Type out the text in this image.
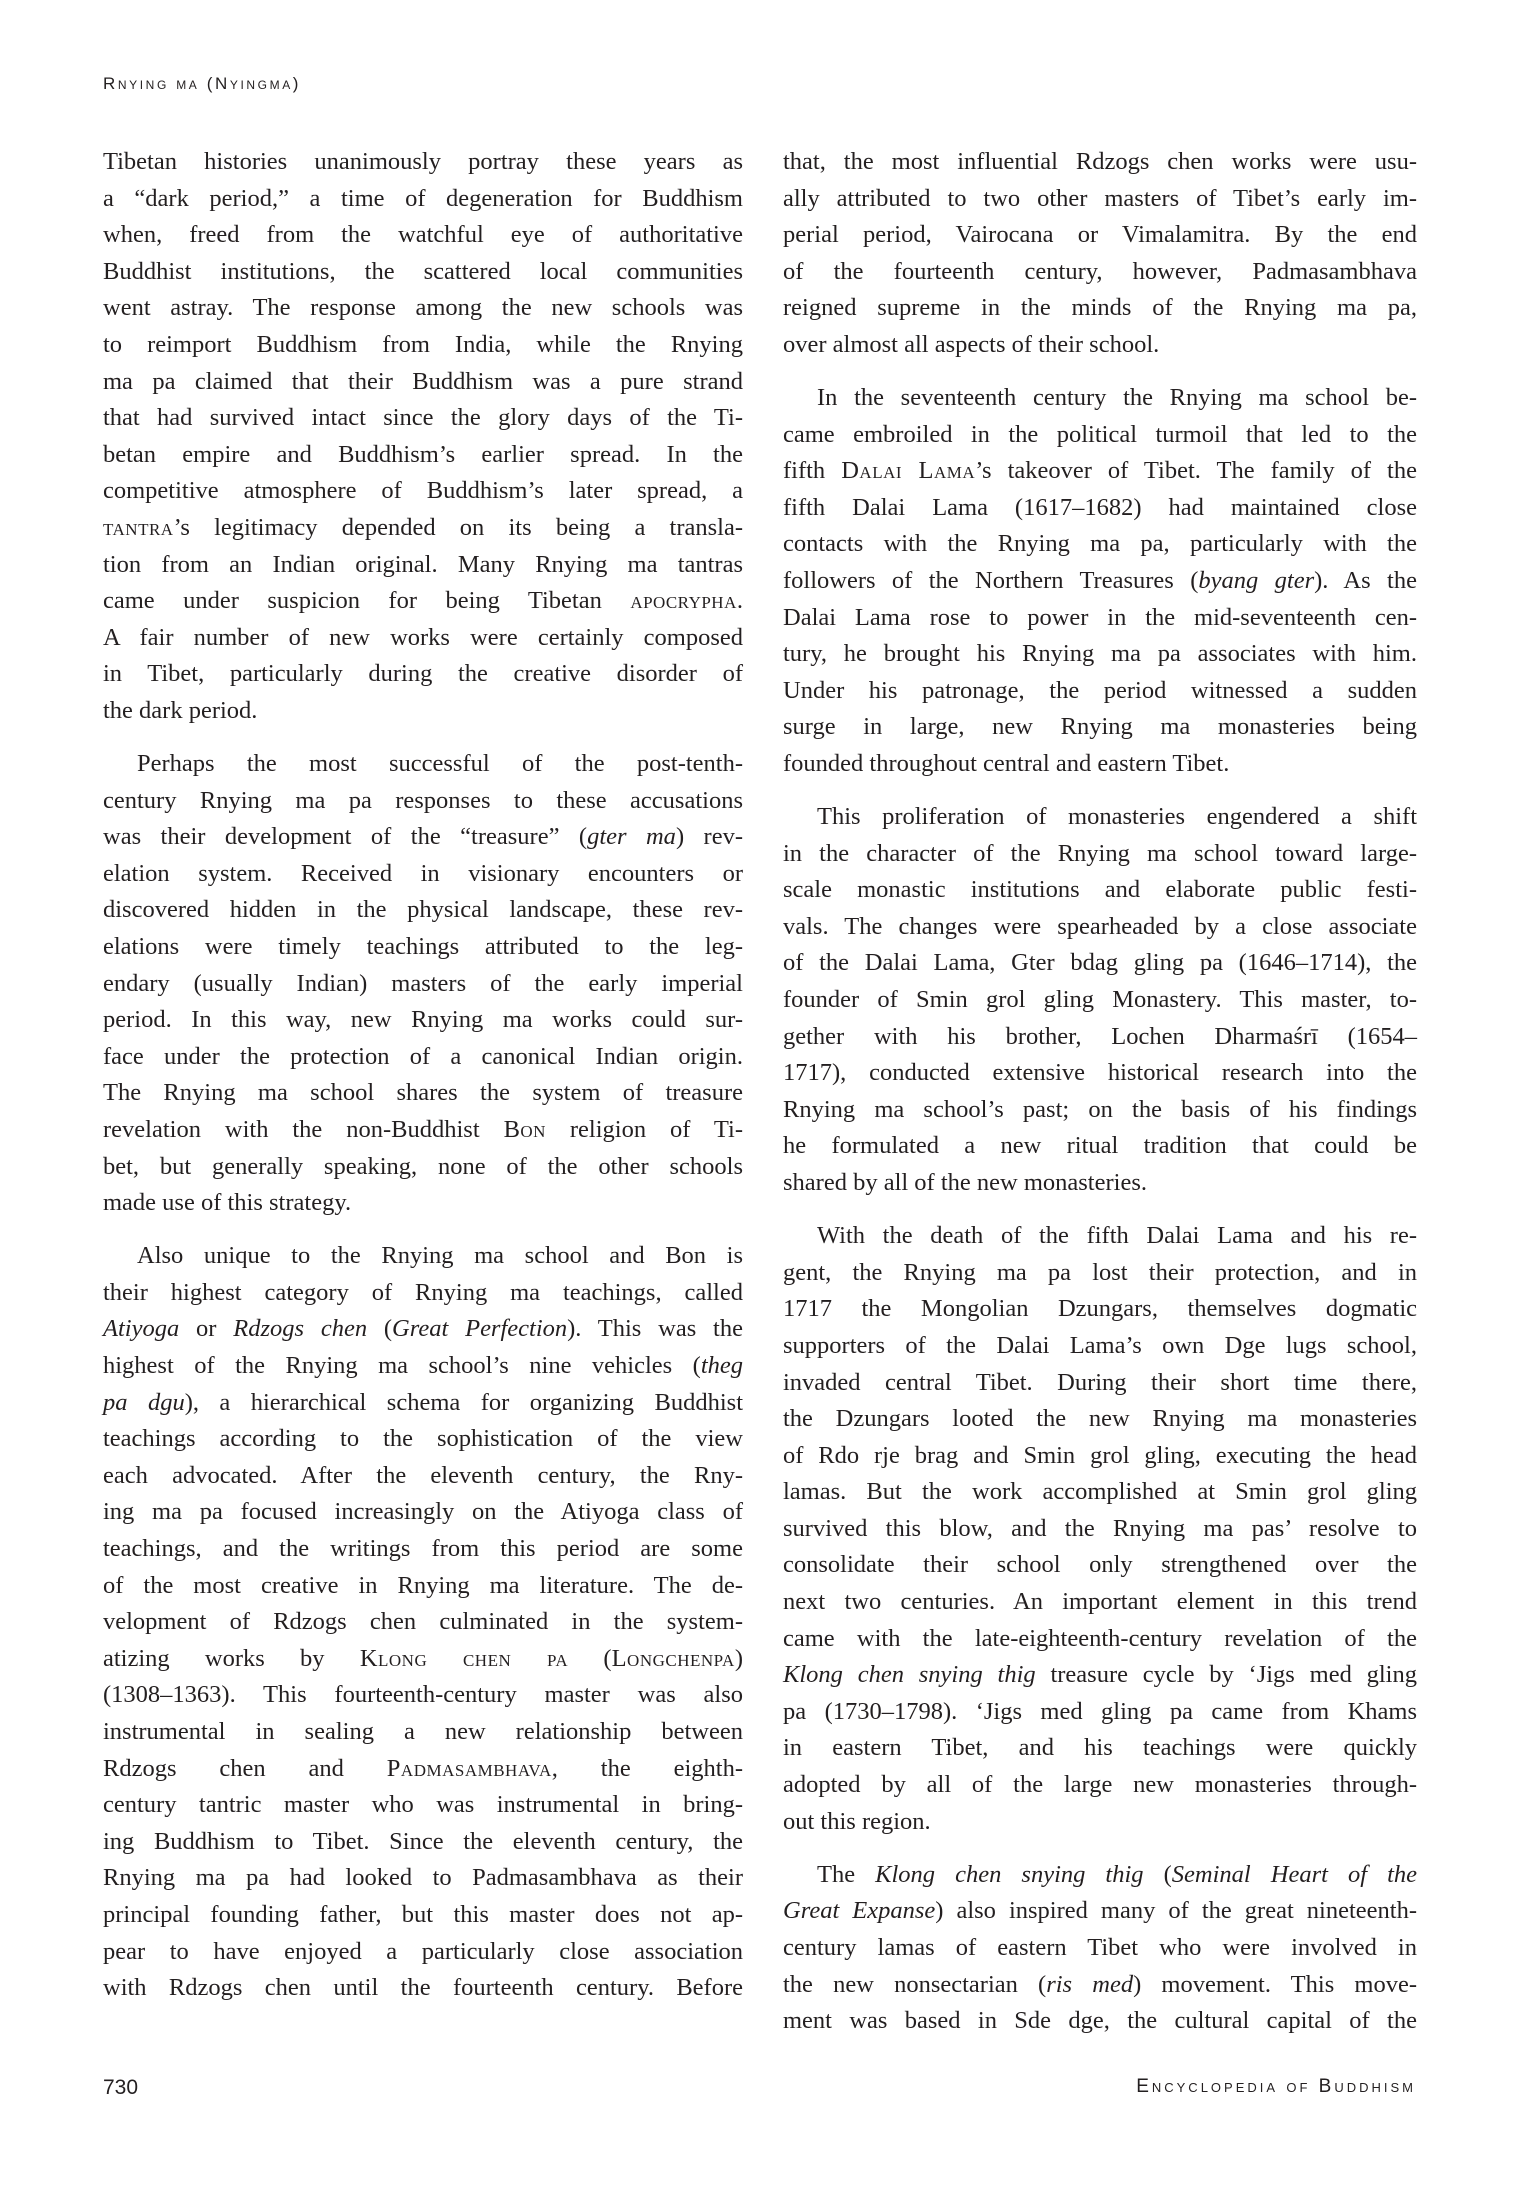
Rnying ma (Nyingma)
Tibetan histories unanimously portray these years as
a “dark period,” a time of degeneration for Buddhism
when, freed from the watchful eye of authoritative
Buddhist institutions, the scattered local communities
went astray. The response among the new schools was
to reimport Buddhism from India, while the Rnying
ma pa claimed that their Buddhism was a pure strand
that had survived intact since the glory days of the Ti-
betan empire and Buddhism’s earlier spread. In the
competitive atmosphere of Buddhism’s later spread, a
tantra’s legitimacy depended on its being a transla-
tion from an Indian original. Many Rnying ma tantras
came under suspicion for being Tibetan apocrypha.
A fair number of new works were certainly composed
in Tibet, particularly during the creative disorder of
the dark period.
Perhaps the most successful of the post-tenth-
century Rnying ma pa responses to these accusations
was their development of the “treasure” (gter ma) rev-
elation system. Received in visionary encounters or
discovered hidden in the physical landscape, these rev-
elations were timely teachings attributed to the leg-
endary (usually Indian) masters of the early imperial
period. In this way, new Rnying ma works could sur-
face under the protection of a canonical Indian origin.
The Rnying ma school shares the system of treasure
revelation with the non-Buddhist Bon religion of Ti-
bet, but generally speaking, none of the other schools
made use of this strategy.
Also unique to the Rnying ma school and Bon is
their highest category of Rnying ma teachings, called
Atiyoga or Rdzogs chen (Great Perfection). This was the
highest of the Rnying ma school’s nine vehicles (theg
pa dgu), a hierarchical schema for organizing Buddhist
teachings according to the sophistication of the view
each advocated. After the eleventh century, the Rny-
ing ma pa focused increasingly on the Atiyoga class of
teachings, and the writings from this period are some
of the most creative in Rnying ma literature. The de-
velopment of Rdzogs chen culminated in the system-
atizing works by Klong chen pa (Longchenpa)
(1308–1363). This fourteenth-century master was also
instrumental in sealing a new relationship between
Rdzogs chen and Padmasambhava, the eighth-
century tantric master who was instrumental in bring-
ing Buddhism to Tibet. Since the eleventh century, the
Rnying ma pa had looked to Padmasambhava as their
principal founding father, but this master does not ap-
pear to have enjoyed a particularly close association
with Rdzogs chen until the fourteenth century. Before
that, the most influential Rdzogs chen works were usu-
ally attributed to two other masters of Tibet’s early im-
perial period, Vairocana or Vimalamitra. By the end
of the fourteenth century, however, Padmasambhava
reigned supreme in the minds of the Rnying ma pa,
over almost all aspects of their school.
In the seventeenth century the Rnying ma school be-
came embroiled in the political turmoil that led to the
fifth Dalai Lama’s takeover of Tibet. The family of the
fifth Dalai Lama (1617–1682) had maintained close
contacts with the Rnying ma pa, particularly with the
followers of the Northern Treasures (byang gter). As the
Dalai Lama rose to power in the mid-seventeenth cen-
tury, he brought his Rnying ma pa associates with him.
Under his patronage, the period witnessed a sudden
surge in large, new Rnying ma monasteries being
founded throughout central and eastern Tibet.
This proliferation of monasteries engendered a shift
in the character of the Rnying ma school toward large-
scale monastic institutions and elaborate public festi-
vals. The changes were spearheaded by a close associate
of the Dalai Lama, Gter bdag gling pa (1646–1714), the
founder of Smin grol gling Monastery. This master, to-
gether with his brother, Lochen Dharmaśrī (1654–
1717), conducted extensive historical research into the
Rnying ma school’s past; on the basis of his findings
he formulated a new ritual tradition that could be
shared by all of the new monasteries.
With the death of the fifth Dalai Lama and his re-
gent, the Rnying ma pa lost their protection, and in
1717 the Mongolian Dzungars, themselves dogmatic
supporters of the Dalai Lama’s own Dge lugs school,
invaded central Tibet. During their short time there,
the Dzungars looted the new Rnying ma monasteries
of Rdo rje brag and Smin grol gling, executing the head
lamas. But the work accomplished at Smin grol gling
survived this blow, and the Rnying ma pas’ resolve to
consolidate their school only strengthened over the
next two centuries. An important element in this trend
came with the late-eighteenth-century revelation of the
Klong chen snying thig treasure cycle by ‘Jigs med gling
pa (1730–1798). ‘Jigs med gling pa came from Khams
in eastern Tibet, and his teachings were quickly
adopted by all of the large new monasteries through-
out this region.
The Klong chen snying thig (Seminal Heart of the
Great Expanse) also inspired many of the great nineteenth-
century lamas of eastern Tibet who were involved in
the new nonsectarian (ris med) movement. This move-
ment was based in Sde dge, the cultural capital of the
730	Encyclopedia of Buddhism
